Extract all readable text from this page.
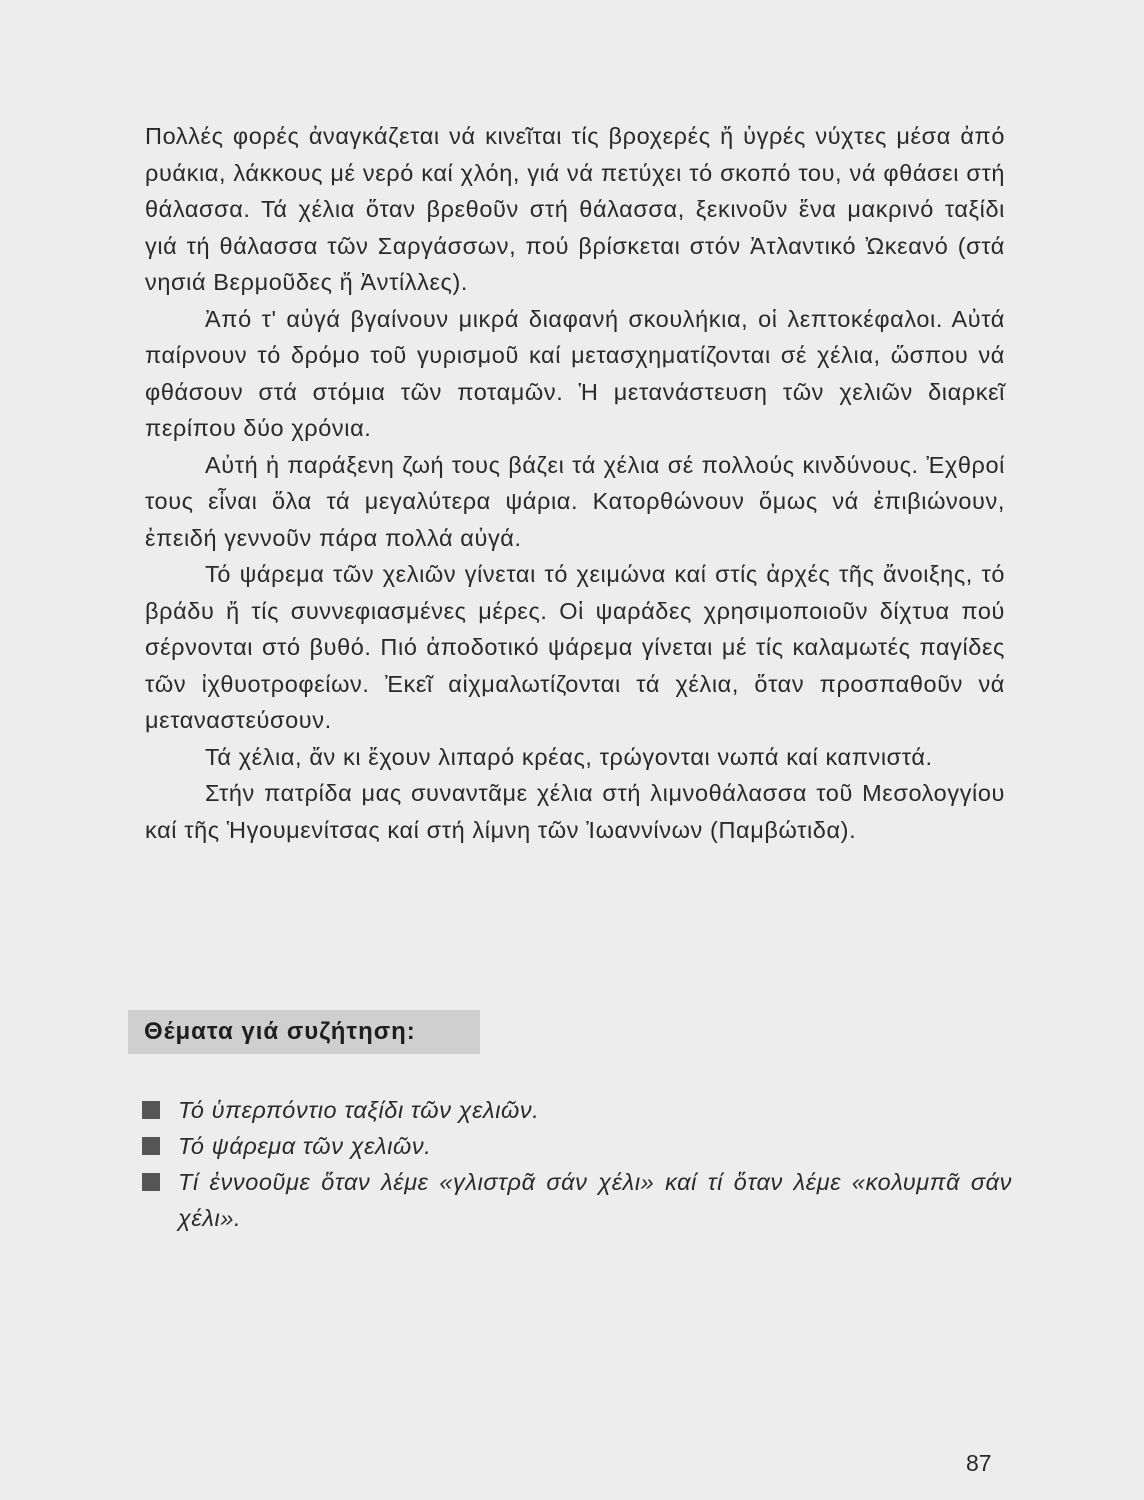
Πολλές φορές ἀναγκάζεται νά κινεῖται τίς βροχερές ἤ ὑγρές νύχτες μέσα ἀπό ρυάκια, λάκκους μέ νερό καί χλόη, γιά νά πετύχει τό σκοπό του, νά φθάσει στή θάλασσα. Τά χέλια ὅταν βρεθοῦν στή θάλασσα, ξεκινοῦν ἕνα μακρινό ταξίδι γιά τή θάλασσα τῶν Σαργάσσων, πού βρίσκεται στόν Ἀτλαντικό Ὠκεανό (στά νησιά Βερμοῦδες ἤ Ἀντίλλες).

Ἀπό τ' αὐγά βγαίνουν μικρά διαφανή σκουλήκια, οἱ λεπτοκέφαλοι. Αὐτά παίρνουν τό δρόμο τοῦ γυρισμοῦ καί μετασχηματίζονται σέ χέλια, ὥσπου νά φθάσουν στά στόμια τῶν ποταμῶν. Ἡ μετανάστευση τῶν χελιῶν διαρκεῖ περίπου δύο χρόνια.

Αὐτή ἡ παράξενη ζωή τους βάζει τά χέλια σέ πολλούς κινδύνους. Ἐχθροί τους εἶναι ὅλα τά μεγαλύτερα ψάρια. Κατορθώνουν ὅμως νά ἐπιβιώνουν, ἐπειδή γεννοῦν πάρα πολλά αὐγά.

Τό ψάρεμα τῶν χελιῶν γίνεται τό χειμώνα καί στίς ἀρχές τῆς ἄνοιξης, τό βράδυ ἤ τίς συννεφιασμένες μέρες. Οἱ ψαράδες χρησιμοποιοῦν δίχτυα πού σέρνονται στό βυθό. Πιό ἀποδοτικό ψάρεμα γίνεται μέ τίς καλαμωτές παγίδες τῶν ἰχθυοτροφείων. Ἐκεῖ αἰχμαλωτίζονται τά χέλια, ὅταν προσπαθοῦν νά μεταναστεύσουν.

Τά χέλια, ἄν κι ἔχουν λιπαρό κρέας, τρώγονται νωπά καί καπνιστά.

Στήν πατρίδα μας συναντᾶμε χέλια στή λιμνοθάλασσα τοῦ Μεσολογγίου καί τῆς Ἡγουμενίτσας καί στή λίμνη τῶν Ἰωαννίνων (Παμβώτιδα).

Θέματα γιά συζήτηση:
Τό ὑπερπόντιο ταξίδι τῶν χελιῶν.
Τό ψάρεμα τῶν χελιῶν.
Τί ἐννοοῦμε ὅταν λέμε «γλιστρᾶ σάν χέλι» καί τί ὅταν λέμε «κολυμπᾶ σάν χέλι».
87
